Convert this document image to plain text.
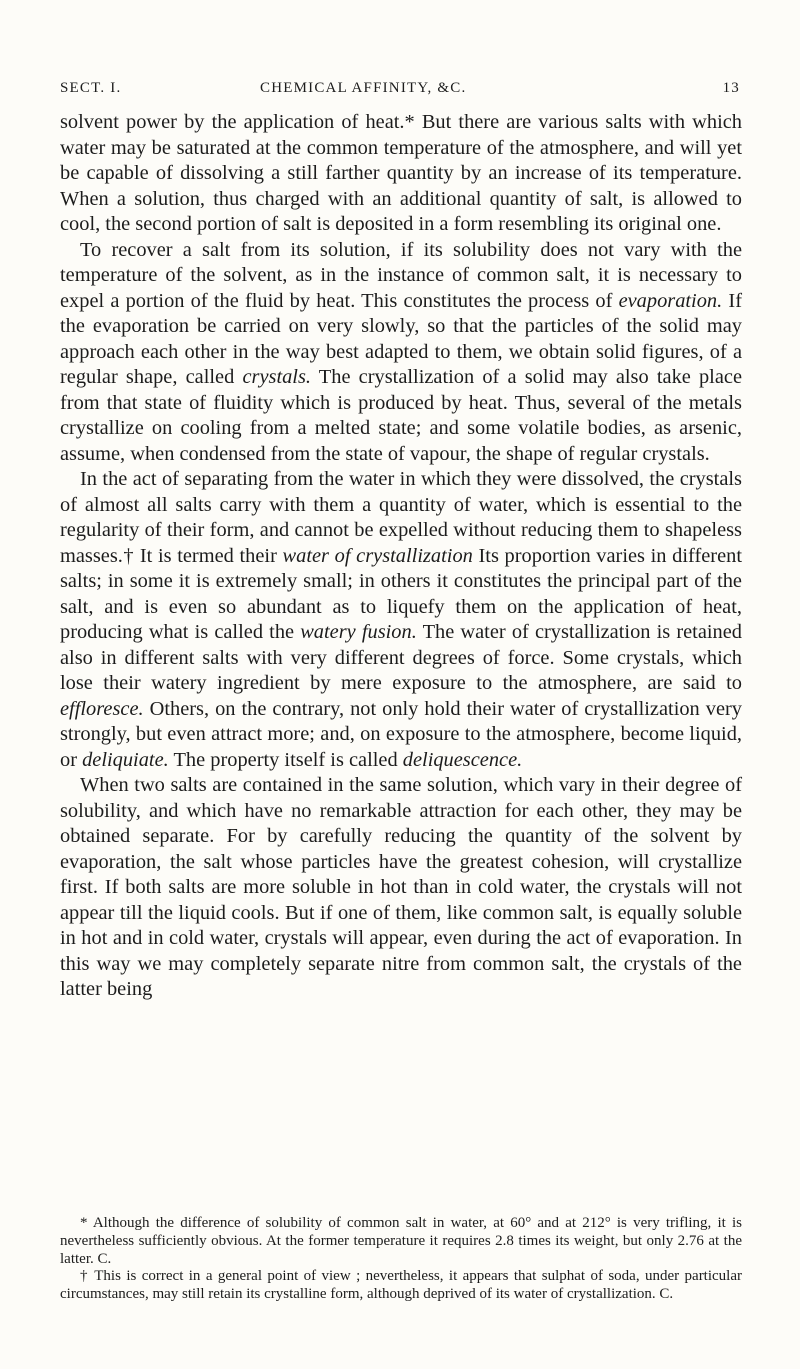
SECT. I.	CHEMICAL AFFINITY, &C.	13

solvent power by the application of heat.* But there are various salts with which water may be saturated at the common temperature of the atmosphere, and will yet be capable of dissolving a still farther quantity by an increase of its temperature. When a solution, thus charged with an additional quantity of salt, is allowed to cool, the second portion of salt is deposited in a form resembling its original one.

To recover a salt from its solution, if its solubility does not vary with the temperature of the solvent, as in the instance of common salt, it is necessary to expel a portion of the fluid by heat. This constitutes the process of evaporation. If the evaporation be carried on very slowly, so that the particles of the solid may approach each other in the way best adapted to them, we obtain solid figures, of a regular shape, called crystals. The crystallization of a solid may also take place from that state of fluidity which is produced by heat. Thus, several of the metals crystallize on cooling from a melted state; and some volatile bodies, as arsenic, assume, when condensed from the state of vapour, the shape of regular crystals.

In the act of separating from the water in which they were dissolved, the crystals of almost all salts carry with them a quantity of water, which is essential to the regularity of their form, and cannot be expelled without reducing them to shapeless masses.† It is termed their water of crystallization Its proportion varies in different salts; in some it is extremely small; in others it constitutes the principal part of the salt, and is even so abundant as to liquefy them on the application of heat, producing what is called the watery fusion. The water of crystallization is retained also in different salts with very different degrees of force. Some crystals, which lose their watery ingredient by mere exposure to the atmosphere, are said to effloresce. Others, on the contrary, not only hold their water of crystallization very strongly, but even attract more; and, on exposure to the atmosphere, become liquid, or deliquiate. The property itself is called deliquescence.

When two salts are contained in the same solution, which vary in their degree of solubility, and which have no remarkable attraction for each other, they may be obtained separate. For by carefully reducing the quantity of the solvent by evaporation, the salt whose particles have the greatest cohesion, will crystallize first. If both salts are more soluble in hot than in cold water, the crystals will not appear till the liquid cools. But if one of them, like common salt, is equally soluble in hot and in cold water, crystals will appear, even during the act of evaporation. In this way we may completely separate nitre from common salt, the crystals of the latter being

* Although the difference of solubility of common salt in water, at 60° and at 212° is very trifling, it is nevertheless sufficiently obvious. At the former temperature it requires 2.8 times its weight, but only 2.76 at the latter. C.

† This is correct in a general point of view ; nevertheless, it appears that sulphat of soda, under particular circumstances, may still retain its crystalline form, although deprived of its water of crystallization. C.
